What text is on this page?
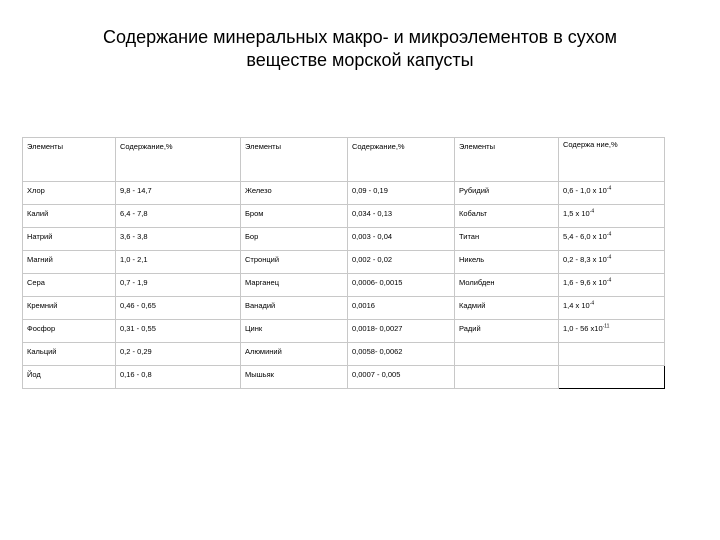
Содержание минеральных макро- и микроэлементов в сухом
веществе морской капусты
Элементы	Содержание,%	Элементы	Содержание,%	Элементы	Содержа ние,%
Хлор	9,8 - 14,7	Железо	0,09 - 0,19	Рубидий	0,6 - 1,0 х $10^{-4}$
Калий	6,4 - 7,8	Бром	0,034 - 0,13	Кобальт	1,5 х $10^{-4}$
Натрий	3,6 - 3,8	Бор	0,003 - 0,04	Титан	5,4 - 6,0 х $10^{-4}$
Магний	1,0 - 2,1	Стронций	0,002 - 0,02	Никель	0,2 - 8,3 х $10^{-4}$
Сера	0,7 - 1,9	Марганец	0,0006- 0,0015	Молибден	1,6 - 9,6 х $10^{-4}$
Кремний	0,46 - 0,65	Ванадий	0,0016	Кадмий	1,4 х $10^{-4}$
Фосфор	0,31 - 0,55	Цинк	0,0018- 0,0027	Радий	1,0 - 56 $х10^{-11}$
Кальций	0,2 - 0,29	Алюминий	0,0058- 0,0062		
Йод	0,16 - 0,8	Мышьяк	0,0007 - 0,005		
